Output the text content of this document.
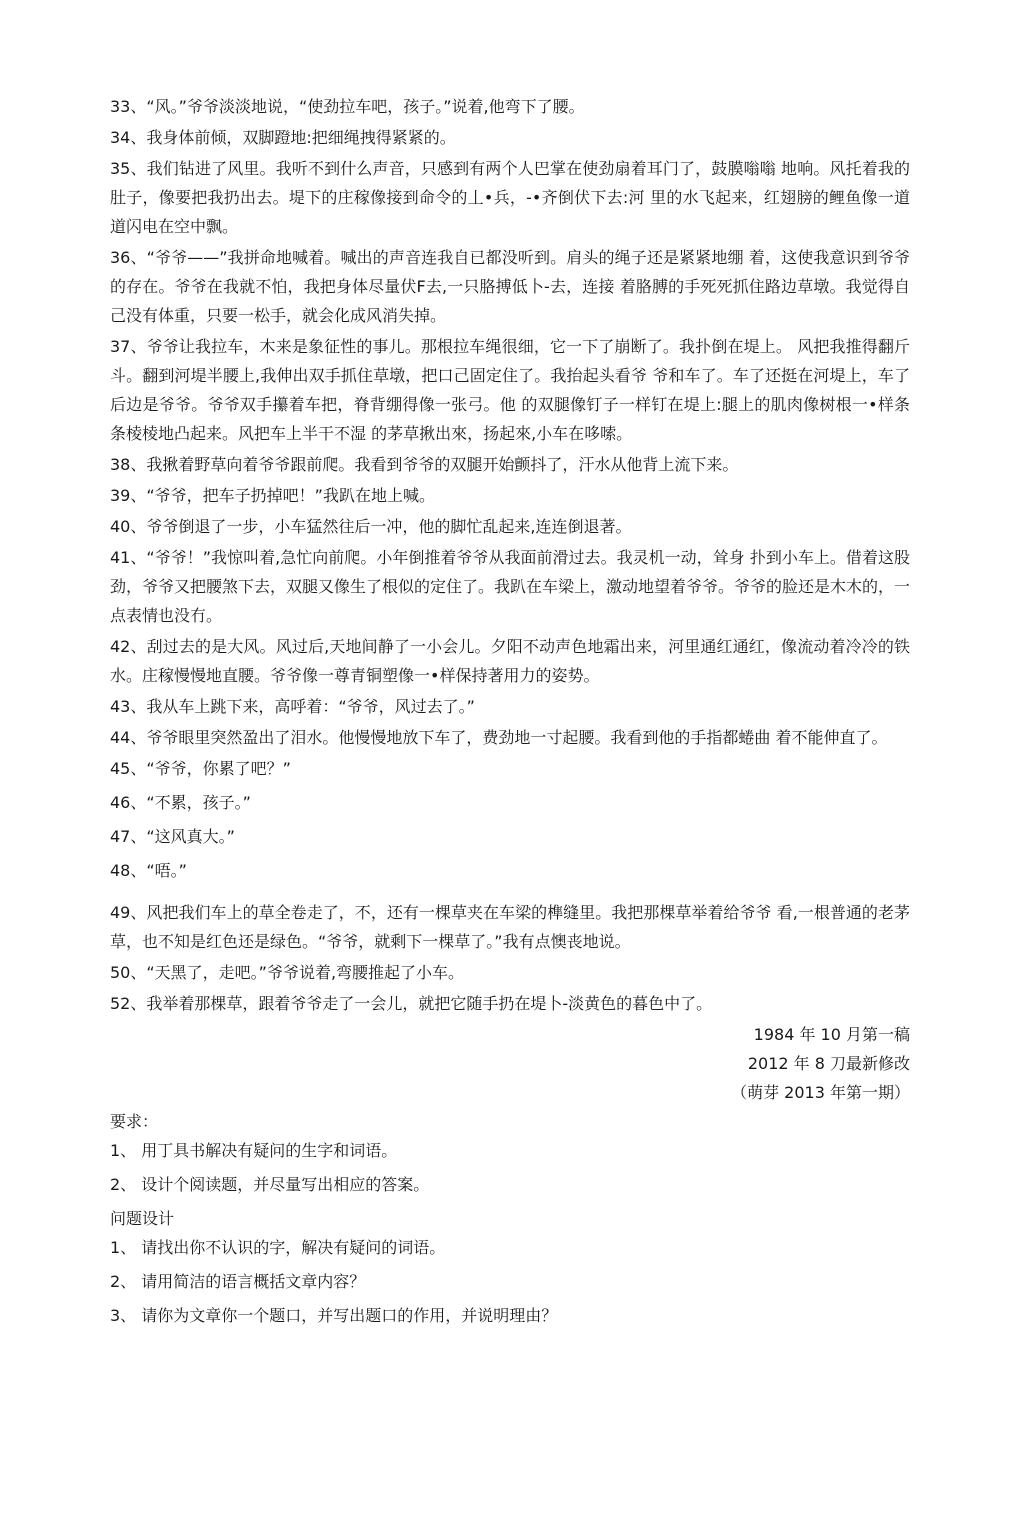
33、“风。”爷爷淡淡地说，“使劲拉车吧，孩子。”说着,他弯下了腰。

34、我身体前倾，双脚蹬地:把细绳拽得紧紧的。

35、我们钻进了风里。我听不到什么声音，只感到有两个人巴掌在使劲扇着耳门了，鼓膜嗡嗡 地响。风托着我的肚子，像要把我扔出去。堤下的庄稼像接到命令的丄•兵，-•齐倒伏下去:河 里的水飞起来，红翅膀的鲤鱼像一道道闪电在空中飘。

36、“爷爷——”我拼命地喊着。喊出的声音连我自已都没听到。肩头的绳子还是紧紧地绷 着，这使我意识到爷爷的存在。爷爷在我就不怕，我把身体尽量伏F去,一只胳搏低卜-去，连接 着胳膊的手死死抓住路边草墩。我觉得自己没有体重，只要一松手，就会化成风消失掉。

37、爷爷让我拉车，木来是象征性的事儿。那根拉车绳很细，它一下了崩断了。我扑倒在堤上。 风把我推得翻斤斗。翻到河堤半腰上,我伸出双手抓住草墩，把口己固定住了。我抬起头看爷 爷和车了。车了还挺在河堤上，车了后边是爷爷。爷爷双手攥着车把，脊背绷得像一张弓。他 的双腿像钉子一样钉在堤上:腿上的肌肉像树根一•样条条棱棱地凸起来。风把车上半干不湿 的茅草揪出來，扬起來,小车在哆嗦。

38、我揪着野草向着爷爷跟前爬。我看到爷爷的双腿开始颤抖了，汗水从他背上流下来。

39、“爷爷，把车子扔掉吧！”我趴在地上喊。

40、爷爷倒退了一步，小车猛然往后一冲，他的脚忙乱起来,连连倒退著。

41、“爷爷！”我惊叫着,急忙向前爬。小年倒推着爷爷从我面前滑过去。我灵机一动，耸身 扑到小车上。借着这股劲，爷爷又把腰煞下去，双腿又像生了根似的定住了。我趴在车梁上，激动地望着爷爷。爷爷的脸还是木木的，一点表情也没冇。

42、刮过去的是大风。风过后,天地间静了一小会儿。夕阳不动声色地霜出来，河里通红通红，像流动着冷冷的铁水。庄稼慢慢地直腰。爷爷像一尊青铜塑像一•样保持著用力的姿势。

43、我从车上跳下来，高呼着：“爷爷，风过去了。”

44、爷爷眼里突然盈出了泪水。他慢慢地放下车了，费劲地一寸起腰。我看到他的手指都蜷曲 着不能伸直了。

45、“爷爷，你累了吧？”

46、“不累，孩子。”

47、“这风真大。”

48、“唔。”

49、风把我们车上的草全卷走了，不，还有一棵草夹在车梁的榫缝里。我把那棵草举着给爷爷 看,一根普通的老茅草，也不知是红色还是绿色。“爷爷，就剩下一棵草了。”我有点懊丧地说。

50、“天黑了，走吧。”爷爷说着,弯腰推起了小车。

52、我举着那棵草，跟着爷爷走了一会儿，就把它随手扔在堤卜-淡黄色的暮色中了。

1984 年 10 月第一稿

2012 年 8 刀最新修改

（萌芽 2013 年第一期）

要求：

1、 用丁具书解决有疑问的生字和词语。

2、 设计个阅读题，并尽量写出相应的答案。

问题设计

1、 请找出你不认识的字，解决有疑问的词语。

2、 请用简洁的语言概括文章内容？

3、 请你为文章你一个题口，并写出题口的作用，并说明理由？
